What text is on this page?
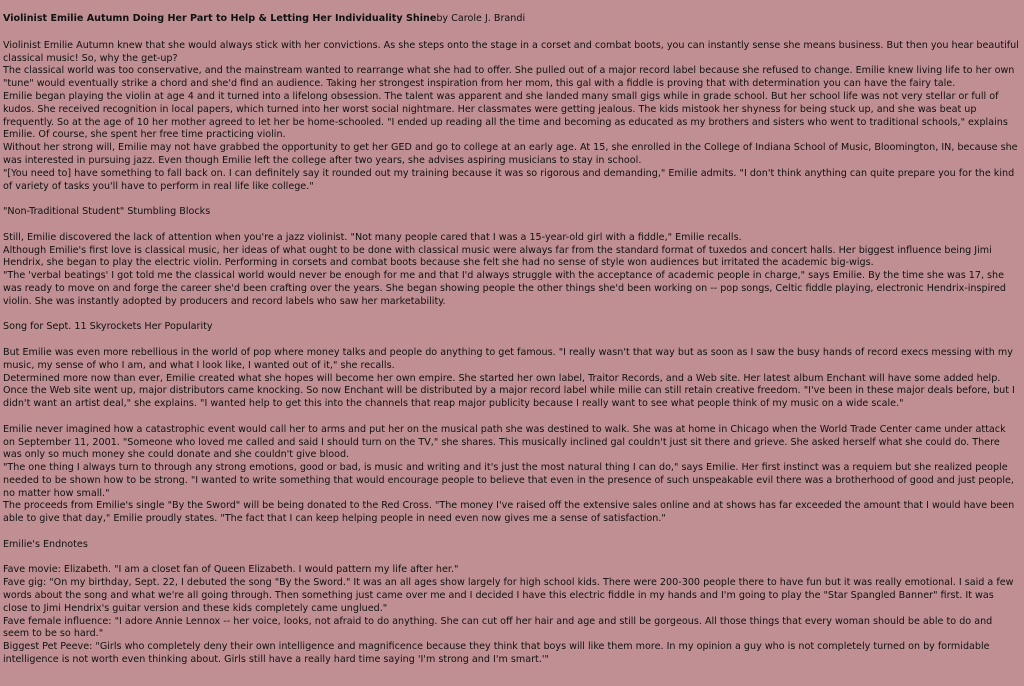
Violinist Emilie Autumn Doing Her Part to Help & Letting Her Individuality Shineby Carole J. Brandi

Violinist Emilie Autumn knew that she would always stick with her convictions. As she steps onto the stage in a corset and combat boots, you can instantly sense she means business. But then you hear beautiful classical music! So, why the get-up?

The classical world was too conservative, and the mainstream wanted to rearrange what she had to offer. She pulled out of a major record label because she refused to change. Emilie knew living life to her own "tune" would eventually strike a chord and she'd find an audience. Taking her strongest inspiration from her mom, this gal with a fiddle is proving that with determination you can have the fairy tale.

Emilie began playing the violin at age 4 and it turned into a lifelong obsession. The talent was apparent and she landed many small gigs while in grade school. But her school life was not very stellar or full of kudos. She received recognition in local papers, which turned into her worst social nightmare. Her classmates were getting jealous. The kids mistook her shyness for being stuck up, and she was beat up frequently. So at the age of 10 her mother agreed to let her be home-schooled. "I ended up reading all the time and becoming as educated as my brothers and sisters who went to traditional schools," explains Emilie. Of course, she spent her free time practicing violin.

Without her strong will, Emilie may not have grabbed the opportunity to get her GED and go to college at an early age. At 15, she enrolled in the College of Indiana School of Music, Bloomington, IN, because she was interested in pursuing jazz. Even though Emilie left the college after two years, she advises aspiring musicians to stay in school.

"[You need to] have something to fall back on. I can definitely say it rounded out my training because it was so rigorous and demanding," Emilie admits. "I don't think anything can quite prepare you for the kind of variety of tasks you'll have to perform in real life like college."

"Non-Traditional Student" Stumbling Blocks

Still, Emilie discovered the lack of attention when you're a jazz violinist. "Not many people cared that I was a 15-year-old girl with a fiddle," Emilie recalls.

Although Emilie's first love is classical music, her ideas of what ought to be done with classical music were always far from the standard format of tuxedos and concert halls. Her biggest influence being Jimi Hendrix, she began to play the electric violin. Performing in corsets and combat boots because she felt she had no sense of style won audiences but irritated the academic big-wigs.

"The 'verbal beatings' I got told me the classical world would never be enough for me and that I'd always struggle with the acceptance of academic people in charge," says Emilie. By the time she was 17, she was ready to move on and forge the career she'd been crafting over the years. She began showing people the other things she'd been working on -- pop songs, Celtic fiddle playing, electronic Hendrix-inspired violin. She was instantly adopted by producers and record labels who saw her marketability.

Song for Sept. 11 Skyrockets Her Popularity

But Emilie was even more rebellious in the world of pop where money talks and people do anything to get famous. "I really wasn't that way but as soon as I saw the busy hands of record execs messing with my music, my sense of who I am, and what I look like, I wanted out of it," she recalls.

Determined more now than ever, Emilie created what she hopes will become her own empire. She started her own label, Traitor Records, and a Web site. Her latest album Enchant will have some added help. Once the Web site went up, major distributors came knocking. So now Enchant will be distributed by a major record label while milie can still retain creative freedom. "I've been in these major deals before, but I didn't want an artist deal," she explains. "I wanted help to get this into the channels that reap major publicity because I really want to see what people think of my music on a wide scale."

Emilie never imagined how a catastrophic event would call her to arms and put her on the musical path she was destined to walk. She was at home in Chicago when the World Trade Center came under attack on September 11, 2001. "Someone who loved me called and said I should turn on the TV," she shares. This musically inclined gal couldn't just sit there and grieve. She asked herself what she could do. There was only so much money she could donate and she couldn't give blood.

"The one thing I always turn to through any strong emotions, good or bad, is music and writing and it's just the most natural thing I can do," says Emilie. Her first instinct was a requiem but she realized people needed to be shown how to be strong. "I wanted to write something that would encourage people to believe that even in the presence of such unspeakable evil there was a brotherhood of good and just people, no matter how small."

The proceeds from Emilie's single "By the Sword" will be being donated to the Red Cross. "The money I've raised off the extensive sales online and at shows has far exceeded the amount that I would have been able to give that day," Emilie proudly states. "The fact that I can keep helping people in need even now gives me a sense of satisfaction."

Emilie's Endnotes

Fave movie: Elizabeth. "I am a closet fan of Queen Elizabeth. I would pattern my life after her."

Fave gig: "On my birthday, Sept. 22, I debuted the song "By the Sword." It was an all ages show largely for high school kids. There were 200-300 people there to have fun but it was really emotional. I said a few words about the song and what we're all going through. Then something just came over me and I decided I have this electric fiddle in my hands and I'm going to play the "Star Spangled Banner" first. It was close to Jimi Hendrix's guitar version and these kids completely came unglued."

Fave female influence: "I adore Annie Lennox -- her voice, looks, not afraid to do anything. She can cut off her hair and age and still be gorgeous. All those things that every woman should be able to do and seem to be so hard."

Biggest Pet Peeve: "Girls who completely deny their own intelligence and magnificence because they think that boys will like them more. In my opinion a guy who is not completely turned on by formidable intelligence is not worth even thinking about. Girls still have a really hard time saying 'I'm strong and I'm smart.'"
